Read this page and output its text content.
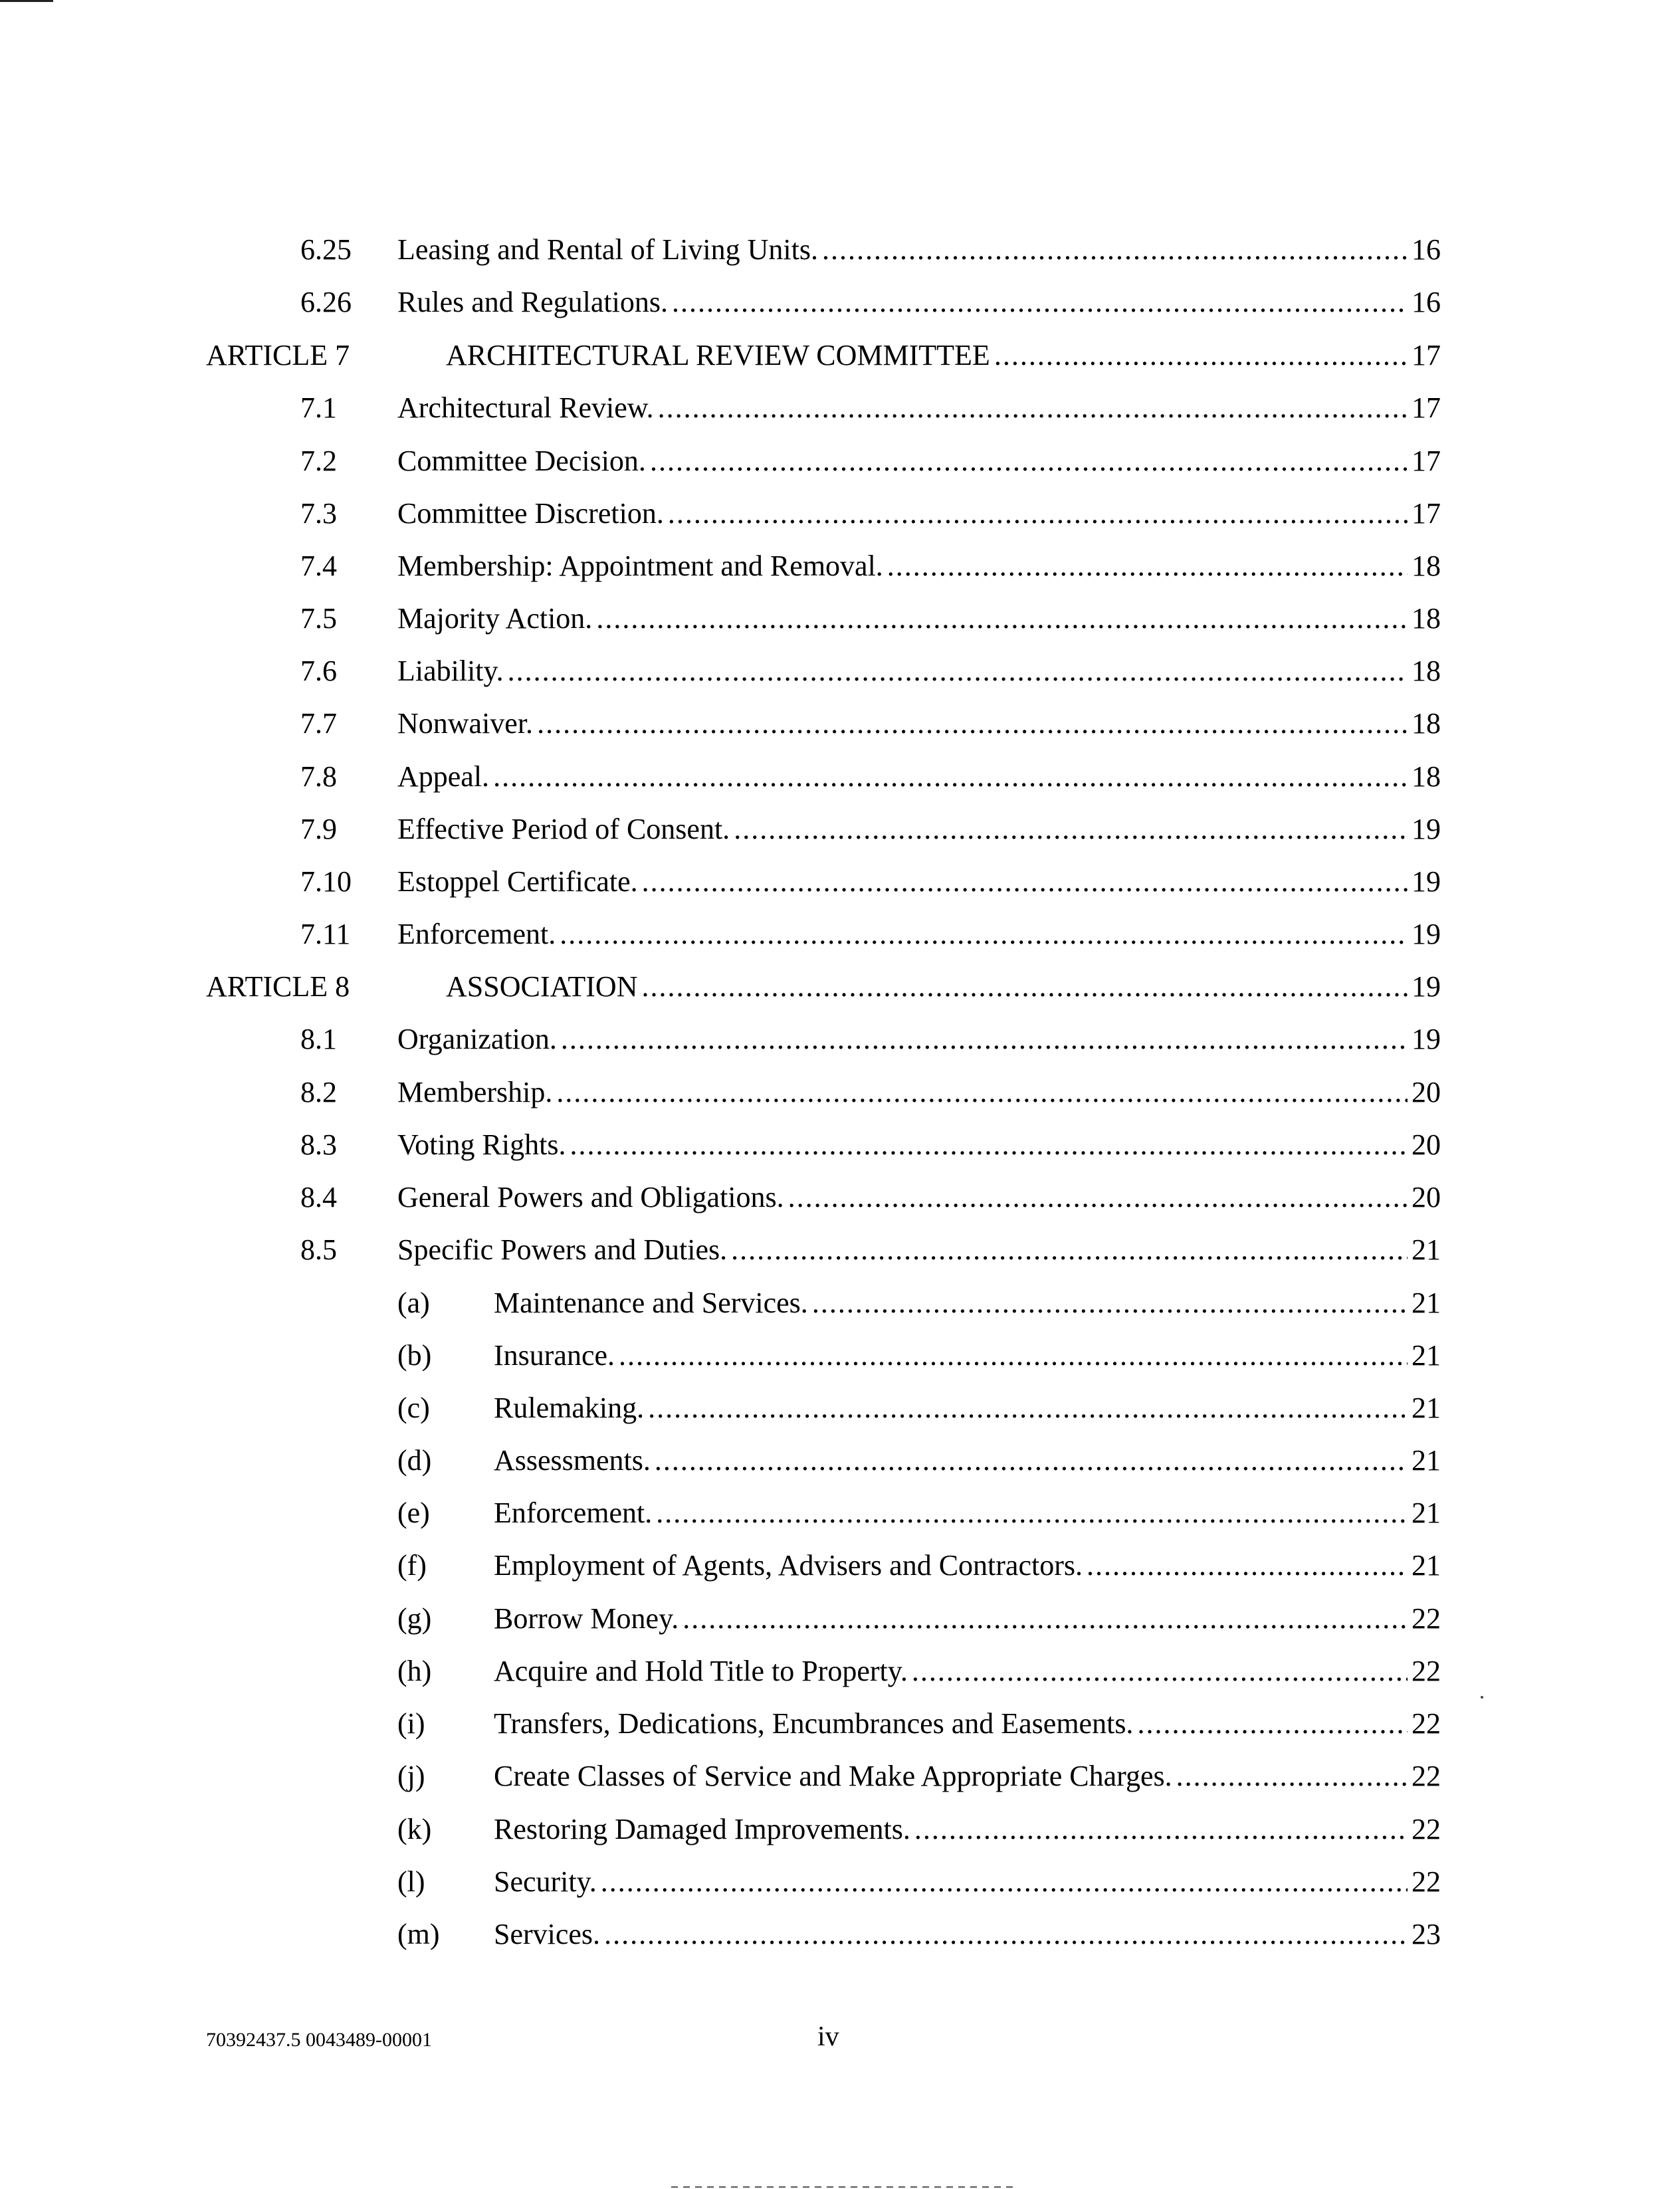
6.25 Leasing and Rental of Living Units. .....	16
6.26 Rules and Regulations. .....	16
ARTICLE 7	ARCHITECTURAL REVIEW COMMITTEE .....	17
7.1 Architectural Review. .....	17
7.2 Committee Decision. .....	17
7.3 Committee Discretion. .....	17
7.4 Membership: Appointment and Removal. .....	18
7.5 Majority Action. .....	18
7.6 Liability. .....	18
7.7 Nonwaiver. .....	18
7.8 Appeal. .....	18
7.9 Effective Period of Consent. .....	19
7.10 Estoppel Certificate. .....	19
7.11 Enforcement. .....	19
ARTICLE 8	ASSOCIATION .....	19
8.1 Organization. .....	19
8.2 Membership. .....	20
8.3 Voting Rights. .....	20
8.4 General Powers and Obligations. .....	20
8.5 Specific Powers and Duties. .....	21
(a) Maintenance and Services. .....	21
(b) Insurance. .....	21
(c) Rulemaking. .....	21
(d) Assessments. .....	21
(e) Enforcement. .....	21
(f) Employment of Agents, Advisers and Contractors. .....	21
(g) Borrow Money. .....	22
(h) Acquire and Hold Title to Property. .....	22
(i) Transfers, Dedications, Encumbrances and Easements. .....	22
(j) Create Classes of Service and Make Appropriate Charges. .....	22
(k) Restoring Damaged Improvements. .....	22
(l) Security. .....	22
(m) Services. .....	23
70392437.5 0043489-00001	iv
